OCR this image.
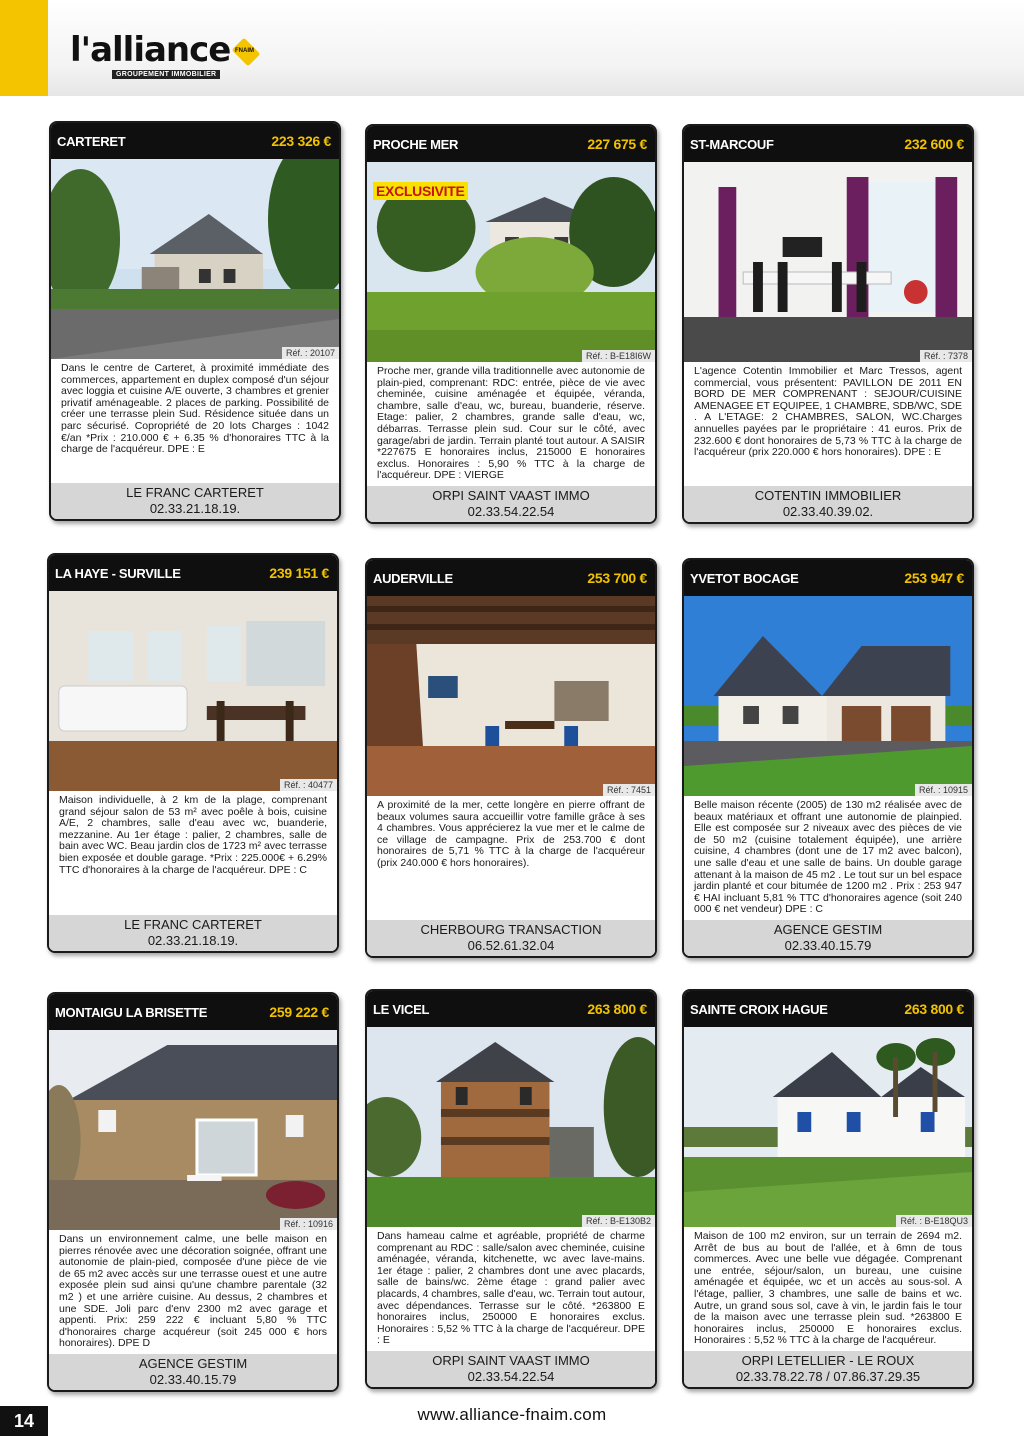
l'alliance FNAIM
GROUPEMENT IMMOBILIER
CARTERET	223 326 €
Réf. : 20107
Dans le centre de Carteret, à proximité immédiate des commerces, appartement en duplex composé d'un séjour avec loggia et cuisine A/E ouverte, 3 chambres et grenier privatif aménageable. 2 places de parking. Possibilité de créer une terrasse plein Sud. Résidence située dans un parc sécurisé. Copropriété de 20 lots Charges : 1042 €/an *Prix : 210.000 € + 6.35 % d'honoraires TTC à la charge de l'acquéreur. DPE : E
LE FRANC CARTERET
02.33.21.18.19.
PROCHE MER	227 675 €
EXCLUSIVITE
Réf. : B-E18I6W
Proche mer, grande villa traditionnelle avec autonomie de plain-pied, comprenant: RDC: entrée, pièce de vie avec cheminée, cuisine aménagée et équipée, véranda, chambre, salle d'eau, wc, bureau, buanderie, réserve. Etage: palier, 2 chambres, grande salle d'eau, wc, débarras. Terrasse plein sud. Cour sur le côté, avec garage/abri de jardin. Terrain planté tout autour. A SAISIR *227675 E honoraires inclus, 215000 E honoraires exclus. Honoraires : 5,90 % TTC à la charge de l'acquéreur. DPE : VIERGE
ORPI SAINT VAAST IMMO
02.33.54.22.54
ST-MARCOUF	232 600 €
Réf. : 7378
L'agence Cotentin Immobilier et Marc Tressos, agent commercial, vous présentent: PAVILLON DE 2011 EN BORD DE MER COMPRENANT : SEJOUR/CUISINE AMENAGEE ET EQUIPEE, 1 CHAMBRE, SDB/WC, SDE . A L'ETAGE: 2 CHAMBRES, SALON, WC.Charges annuelles payées par le propriétaire : 41 euros. Prix de 232.600 € dont honoraires de 5,73 % TTC à la charge de l'acquéreur (prix 220.000 € hors honoraires). DPE : E
COTENTIN IMMOBILIER
02.33.40.39.02.
LA HAYE - SURVILLE	239 151 €
Réf. : 40477
Maison individuelle, à 2 km de la plage, comprenant grand séjour salon de 53 m² avec poêle à bois, cuisine A/E, 2 chambres, salle d'eau avec wc, buanderie, mezzanine. Au 1er étage : palier, 2 chambres, salle de bain avec WC. Beau jardin clos de 1723 m² avec terrasse bien exposée et double garage. *Prix : 225.000€ + 6.29% TTC d'honoraires à la charge de l'acquéreur. DPE : C
LE FRANC CARTERET
02.33.21.18.19.
AUDERVILLE	253 700 €
Réf. : 7451
A proximité de la mer, cette longère en pierre offrant de beaux volumes saura accueillir votre famille grâce à ses 4 chambres. Vous apprécierez la vue mer et le calme de ce village de campagne. Prix de 253.700 € dont honoraires de 5,71 % TTC à la charge de l'acquéreur (prix 240.000 € hors honoraires).
CHERBOURG TRANSACTION
06.52.61.32.04
YVETOT BOCAGE	253 947 €
Réf. : 10915
Belle maison récente (2005) de 130 m2 réalisée avec de beaux matériaux et offrant une autonomie de plainpied. Elle est composée sur 2 niveaux avec des pièces de vie de 50 m2 (cuisine totalement équipée), une arrière cuisine, 4 chambres (dont une de 17 m2 avec balcon), une salle d'eau et une salle de bains. Un double garage attenant à la maison de 45 m2 . Le tout sur un bel espace jardin planté et cour bitumée de 1200 m2 . Prix : 253 947 € HAI incluant 5,81 % TTC d'honoraires agence (soit 240 000 € net vendeur) DPE : C
AGENCE GESTIM
02.33.40.15.79
MONTAIGU LA BRISETTE	259 222 €
Réf. : 10916
Dans un environnement calme, une belle maison en pierres rénovée avec une décoration soignée, offrant une autonomie de plain-pied, composée d'une pièce de vie de 65 m2 avec accès sur une terrasse ouest et une autre exposée plein sud ainsi qu'une chambre parentale (32 m2 ) et une arrière cuisine. Au dessus, 2 chambres et une SDE. Joli parc d'env 2300 m2 avec garage et appenti. Prix: 259 222 € incluant 5,80 % TTC d'honoraires charge acquéreur (soit 245 000 € hors honoraires). DPE D
AGENCE GESTIM
02.33.40.15.79
LE VICEL	263 800 €
Réf. : B-E130B2
Dans hameau calme et agréable, propriété de charme comprenant au RDC : salle/salon avec cheminée, cuisine aménagée, véranda, kitchenette, wc avec lave-mains. 1er étage : palier, 2 chambres dont une avec placards, salle de bains/wc. 2ème étage : grand palier avec placards, 4 chambres, salle d'eau, wc. Terrain tout autour, avec dépendances. Terrasse sur le côté. *263800 E honoraires inclus, 250000 E honoraires exclus. Honoraires : 5,52 % TTC à la charge de l'acquéreur. DPE : E
ORPI SAINT VAAST IMMO
02.33.54.22.54
SAINTE CROIX HAGUE	263 800 €
Réf. : B-E18QU3
Maison de 100 m2 environ, sur un terrain de 2694 m2. Arrêt de bus au bout de l'allée, et à 6mn de tous commerces. Avec une belle vue dégagée. Comprenant une entrée, séjour/salon, un bureau, une cuisine aménagée et équipée, wc et un accès au sous-sol. A l'étage, pallier, 3 chambres, une salle de bains et wc. Autre, un grand sous sol, cave à vin, le jardin fais le tour de la maison avec une terrasse plein sud. *263800 E honoraires inclus, 250000 E honoraires exclus. Honoraires : 5,52 % TTC à la charge de l'acquéreur.
ORPI LETELLIER - LE ROUX
02.33.78.22.78 / 07.86.37.29.35
14	www.alliance-fnaim.com
